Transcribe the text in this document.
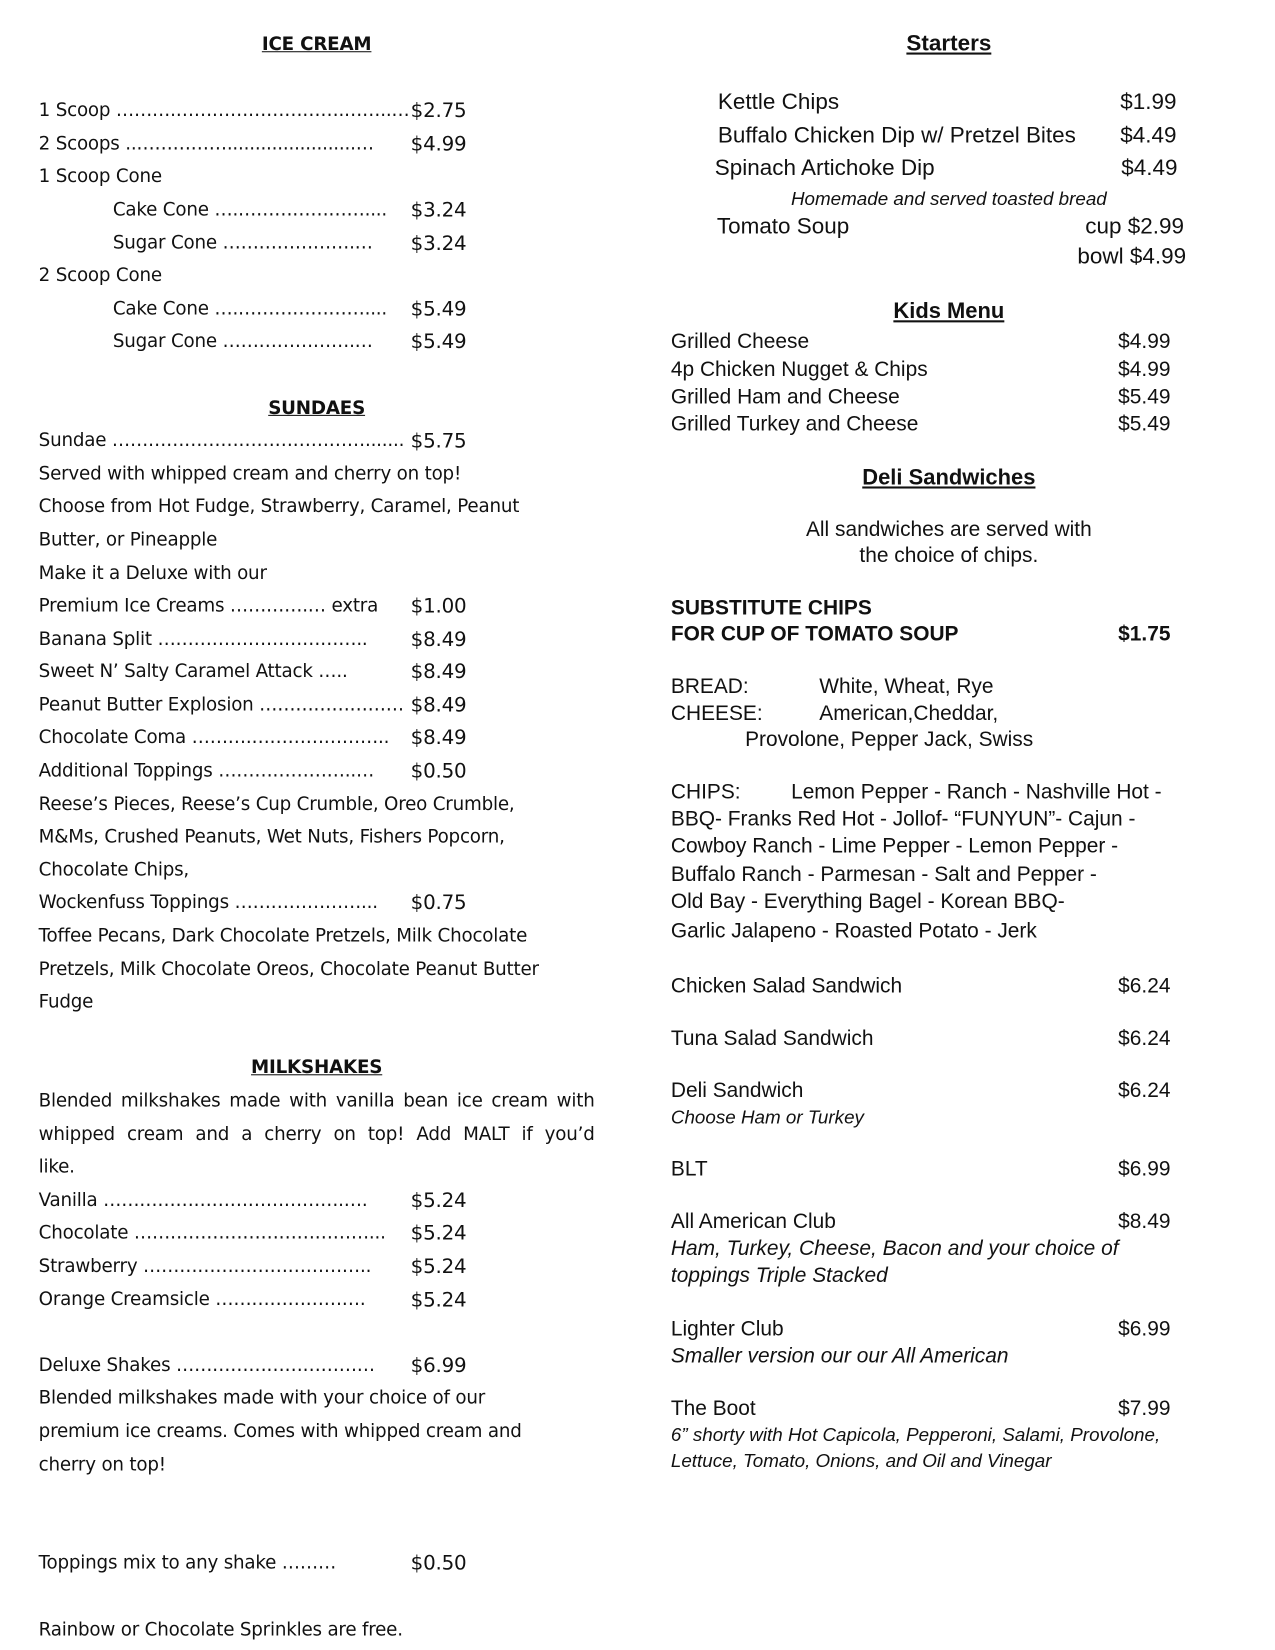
ICE CREAM
1 Scoop ……….……………………….……..… $2.75
2 Scoops ..…………….......................… $4.99
1 Scoop Cone
Cake Cone ….………………….... $3.24
Sugar Cone ………………….… $3.24
2 Scoop Cone
Cake Cone ….………………….... $5.49
Sugar Cone ………………….… $5.49
SUNDAES
Sundae ……………………………………....... $5.75
Served with whipped cream and cherry on top!
Choose from Hot Fudge, Strawberry, Caramel, Peanut
Butter, or Pineapple
Make it a Deluxe with our
Premium Ice Creams ………….… extra $1.00
Banana Split …………………………….. $8.49
Sweet N’ Salty Caramel Attack …..	$8.49
Peanut Butter Explosion …………………… $8.49
Chocolate Coma ……….………………….. $8.49
Additional Toppings …………………..… $0.50
Reese’s Pieces, Reese’s Cup Crumble, Oreo Crumble,
M&Ms, Crushed Peanuts, Wet Nuts, Fishers Popcorn,
Chocolate Chips,
Wockenfuss Toppings …………………... $0.75
Toffee Pecans, Dark Chocolate Pretzels, Milk Chocolate
Pretzels, Milk Chocolate Oreos, Chocolate Peanut Butter
Fudge
MILKSHAKES
Blended milkshakes made with vanilla bean ice cream with
whipped cream and a cherry on top! Add MALT if you’d
like.
Vanilla ………………………………….…. $5.24
Chocolate …………………………………... $5.24
Strawberry ……………………………….. $5.24
Orange Creamsicle ……………………. $5.24
Deluxe Shakes …………………………… $6.99
Blended milkshakes made with your choice of our
premium ice creams. Comes with whipped cream and
cherry on top!
Toppings mix to any shake ………	$0.50
Rainbow or Chocolate Sprinkles are free.
Starters
Kettle Chips	$1.99
Buffalo Chicken Dip w/ Pretzel Bites $4.49
Spinach Artichoke Dip	$4.49
Homemade and served toasted bread
Tomato Soup	cup $2.99
bowl $4.99
Kids Menu
Grilled Cheese	$4.99
4p Chicken Nugget & Chips	$4.99
Grilled Ham and Cheese	$5.49
Grilled Turkey and Cheese	$5.49
Deli Sandwiches
All sandwiches are served with
the choice of chips.
SUBSTITUTE CHIPS
FOR CUP OF TOMATO SOUP	$1.75
BREAD:	White, Wheat, Rye
CHEESE:	American,Cheddar,
Provolone, Pepper Jack, Swiss
CHIPS:	Lemon Pepper - Ranch - Nashville Hot -
BBQ- Franks Red Hot - Jollof- “FUNYUN”- Cajun -
Cowboy Ranch - Lime Pepper - Lemon Pepper -
Buffalo Ranch - Parmesan - Salt and Pepper -
Old Bay - Everything Bagel - Korean BBQ-
Garlic Jalapeno - Roasted Potato - Jerk
Chicken Salad Sandwich	$6.24
Tuna Salad Sandwich	$6.24
Deli Sandwich	$6.24
Choose Ham or Turkey
BLT	$6.99
All American Club	$8.49
Ham, Turkey, Cheese, Bacon and your choice of
toppings Triple Stacked
Lighter Club	$6.99
Smaller version our our All American
The Boot	$7.99
6” shorty with Hot Capicola, Pepperoni, Salami, Provolone,
Lettuce, Tomato, Onions, and Oil and Vinegar
